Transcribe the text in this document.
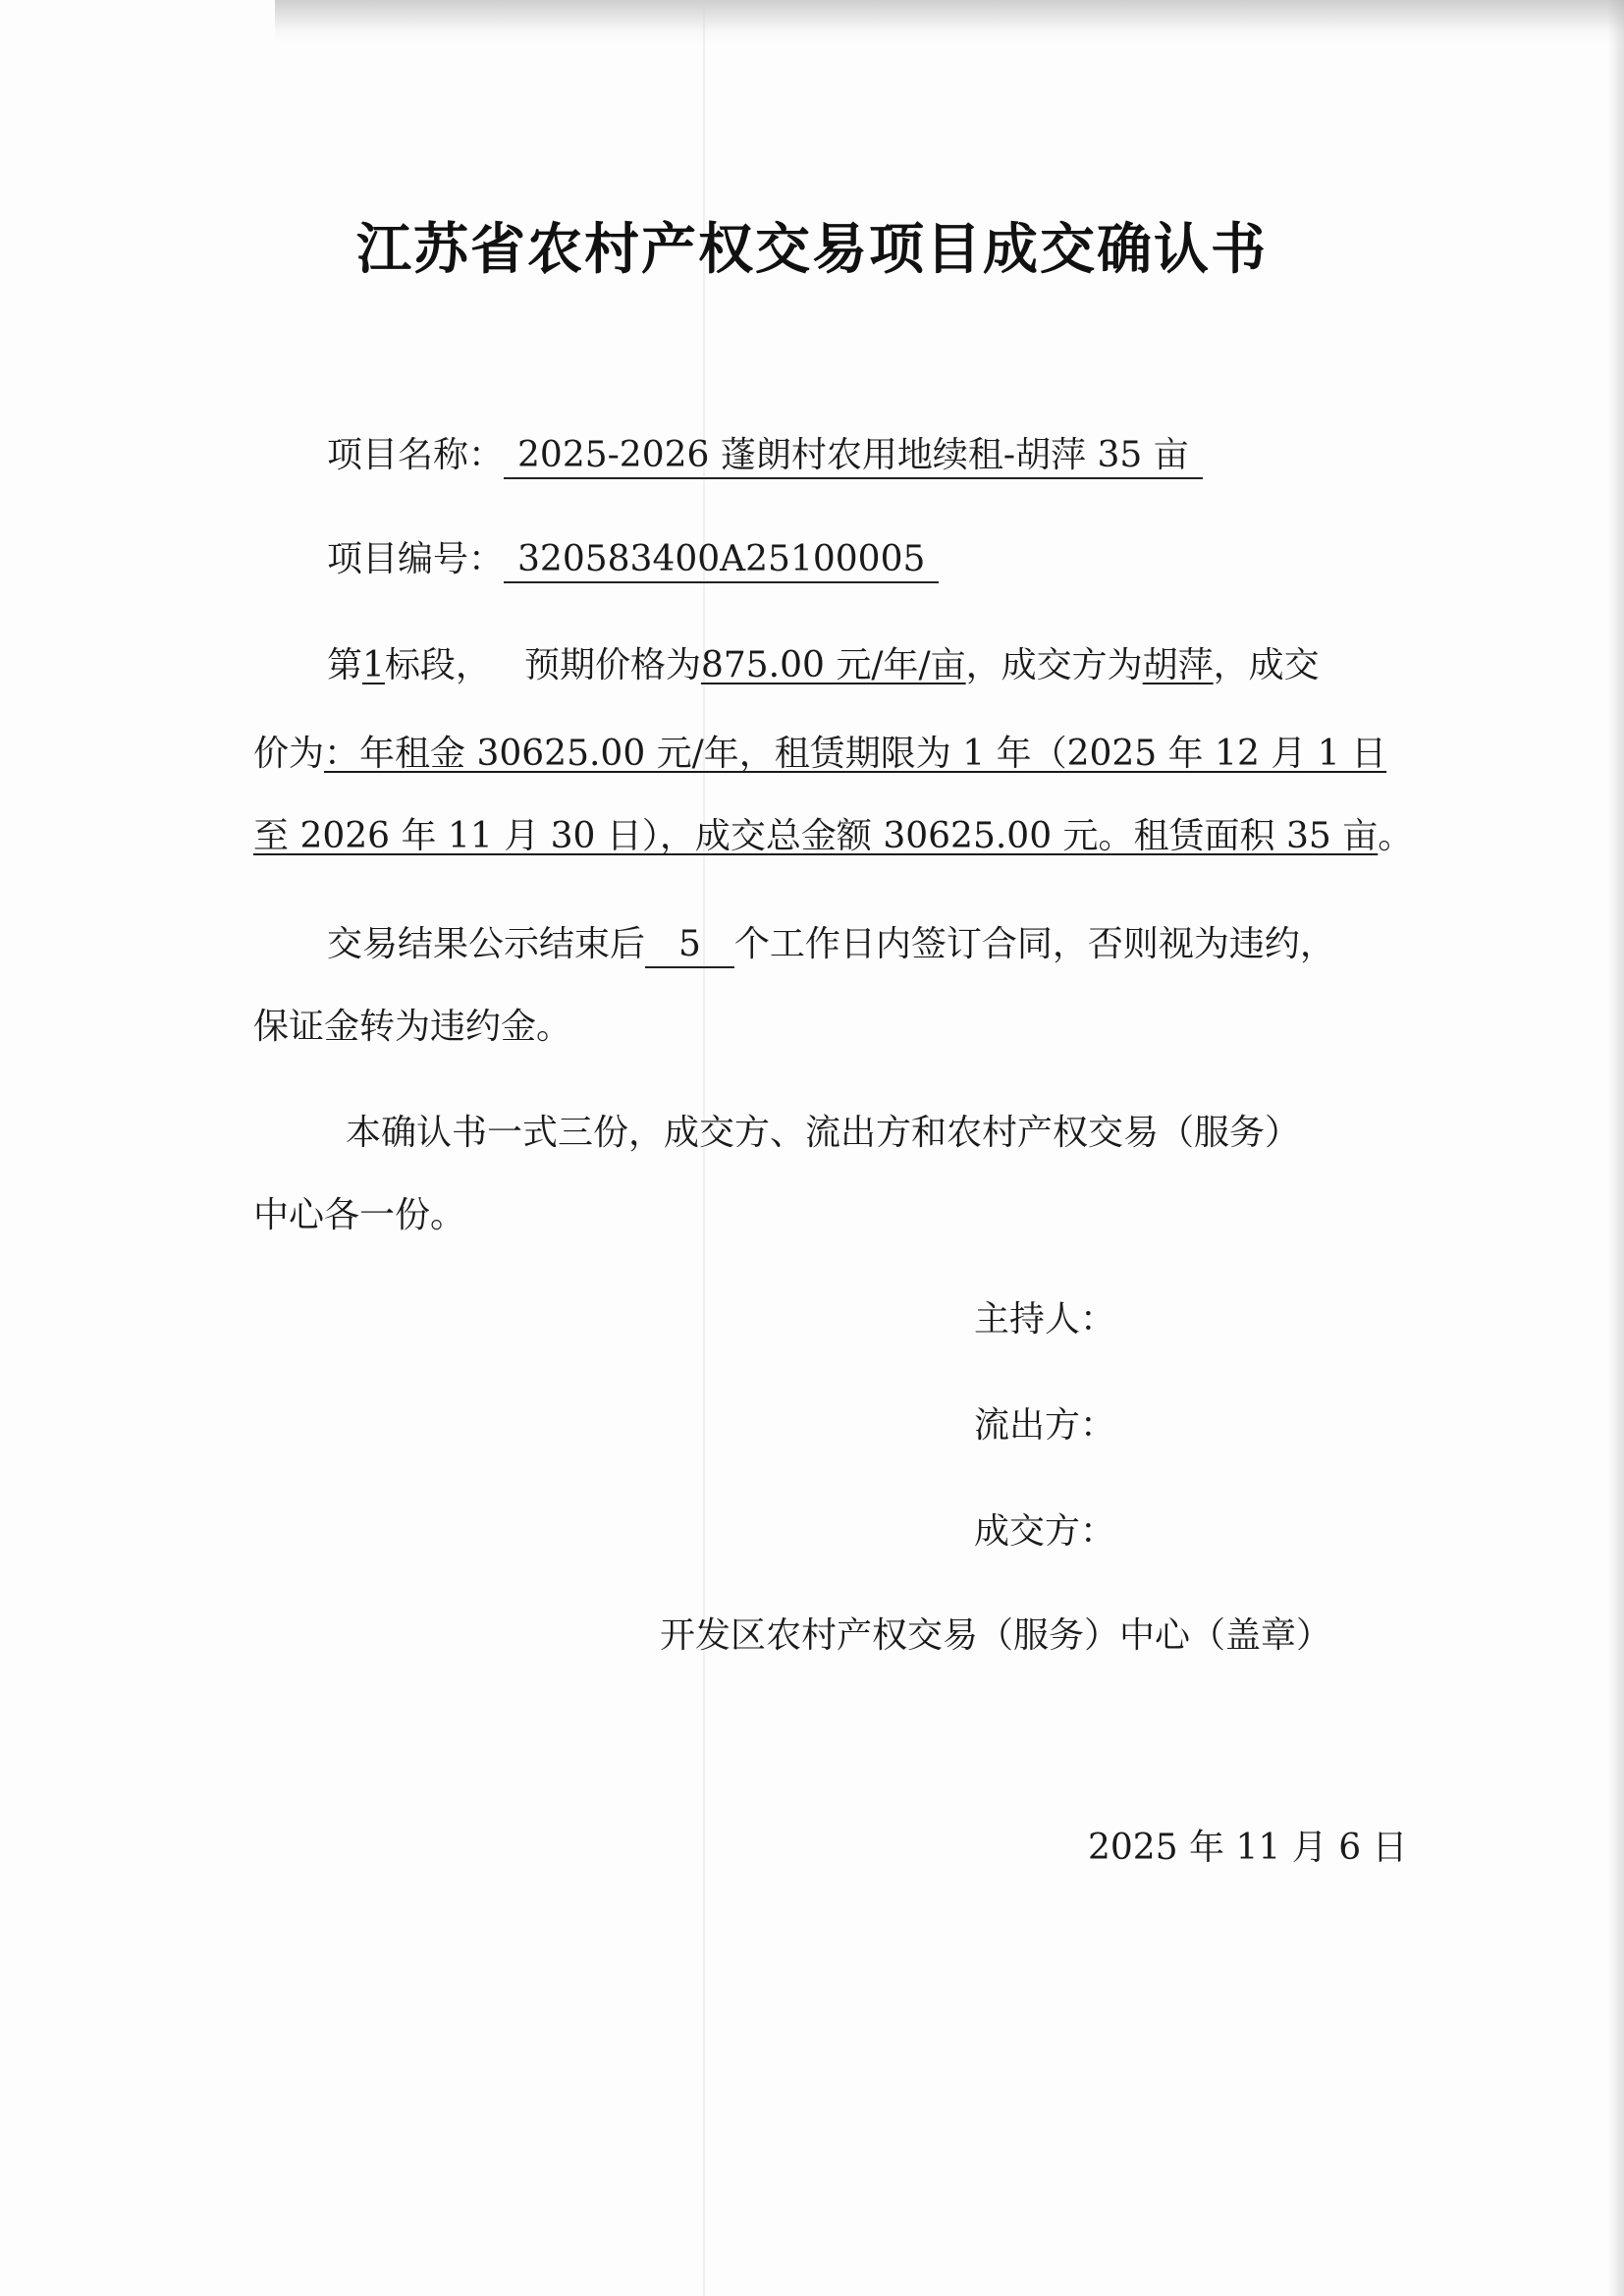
江苏省农村产权交易项目成交确认书
项目名称： 2025-2026 蓬朗村农用地续租-胡萍 35 亩
项目编号： 320583400A25100005
第1标段， 预期价格为875.00 元/年/亩，成交方为胡萍，成交
价为：年租金 30625.00 元/年，租赁期限为 1 年（2025 年 12 月 1 日
至 2026 年 11 月 30 日），成交总金额 30625.00 元。租赁面积 35 亩。
交易结果公示结束后 5 个工作日内签订合同，否则视为违约，
保证金转为违约金。
本确认书一式三份，成交方、流出方和农村产权交易（服务）
中心各一份。
主持人：
流出方：
成交方：
开发区农村产权交易（服务）中心（盖章）
2025 年 11 月 6 日
